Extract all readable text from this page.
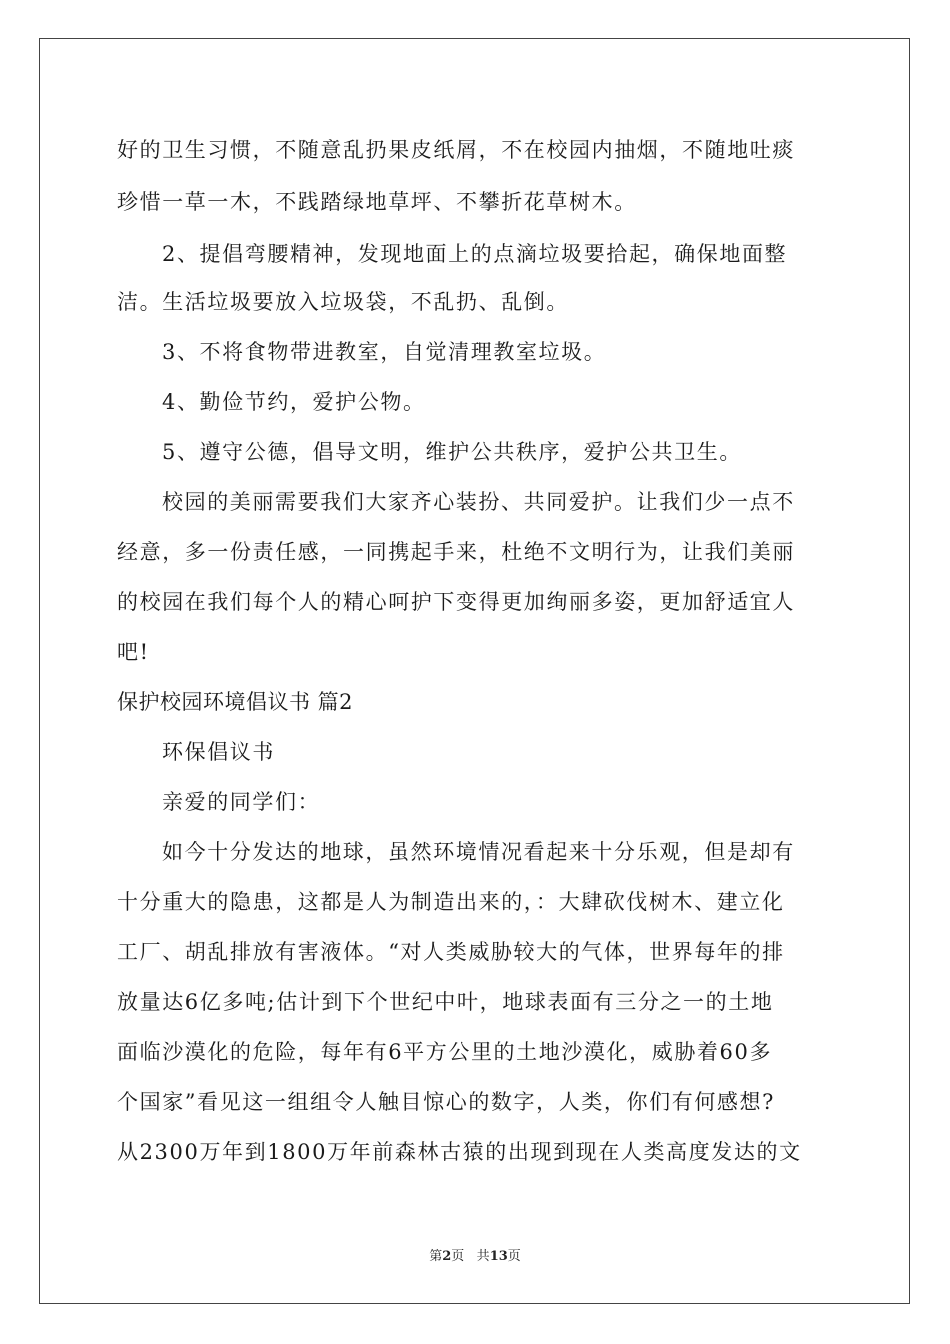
好的卫生习惯，不随意乱扔果皮纸屑，不在校园内抽烟，不随地吐痰

珍惜一草一木，不践踏绿地草坪、不攀折花草树木。

2、提倡弯腰精神，发现地面上的点滴垃圾要拾起，确保地面整

洁。生活垃圾要放入垃圾袋，不乱扔、乱倒。

3、不将食物带进教室，自觉清理教室垃圾。

4、勤俭节约，爱护公物。

5、遵守公德，倡导文明，维护公共秩序，爱护公共卫生。

校园的美丽需要我们大家齐心装扮、共同爱护。让我们少一点不

经意，多一份责任感，一同携起手来，杜绝不文明行为，让我们美丽

的校园在我们每个人的精心呵护下变得更加绚丽多姿，更加舒适宜人

吧!

保护校园环境倡议书 篇2

环保倡议书

亲爱的同学们：

如今十分发达的地球，虽然环境情况看起来十分乐观，但是却有

十分重大的隐患，这都是人为制造出来的，：大肆砍伐树木、建立化

工厂、胡乱排放有害液体。“对人类威胁较大的气体，世界每年的排

放量达6亿多吨;估计到下个世纪中叶，地球表面有三分之一的土地

面临沙漠化的危险，每年有6平方公里的土地沙漠化，威胁着60多

个国家”看见这一组组令人触目惊心的数字，人类，你们有何感想?

从2300万年到1800万年前森林古猿的出现到现在人类高度发达的文

第2页 共13页
